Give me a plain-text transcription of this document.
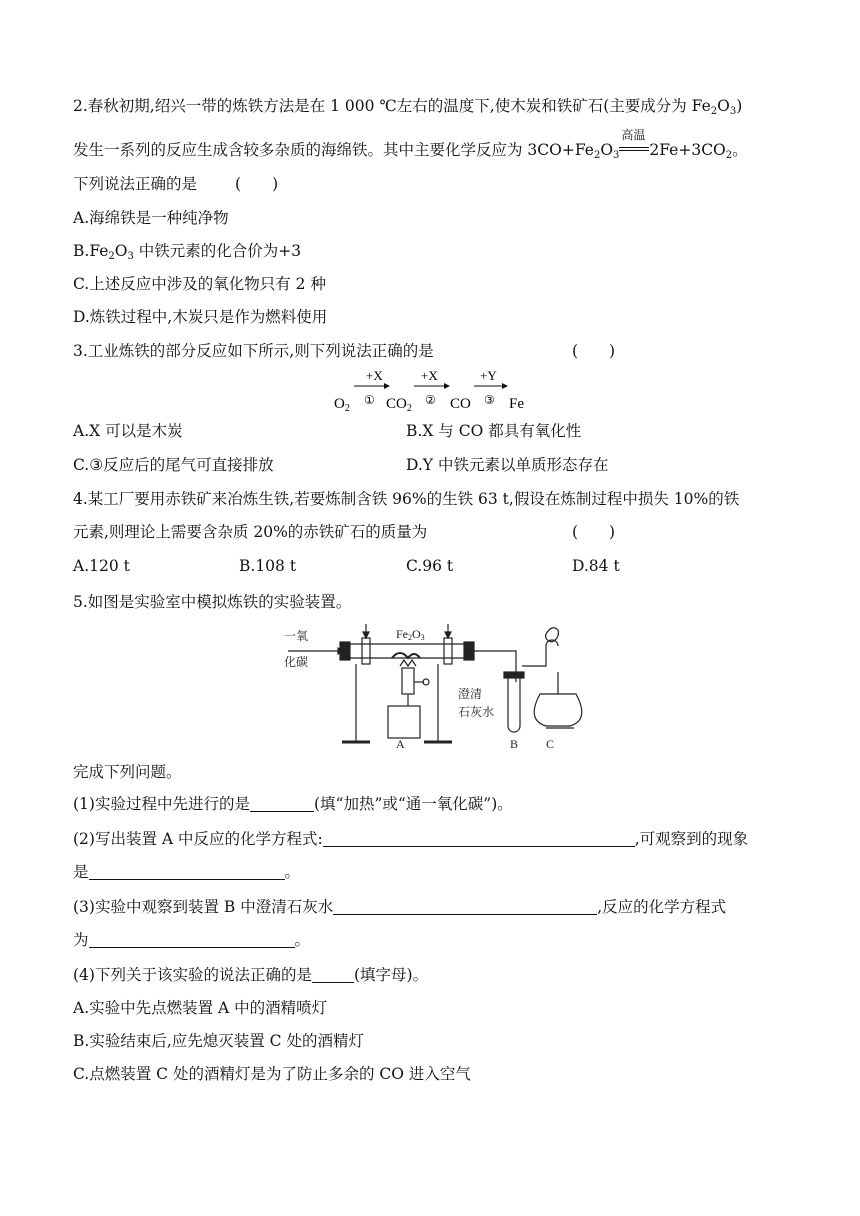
2.春秋初期,绍兴一带的炼铁方法是在 1 000 ℃左右的温度下,使木炭和铁矿石(主要成分为 $Fe_2O_3$)
发生一系列的反应生成含较多杂质的海绵铁。其中主要化学反应为 $3CO+Fe_2O_3$
高温
$2Fe+3CO_2$。
下列说法正确的是 (　　)
A.海绵铁是一种纯净物
$B.Fe_2O_3$ 中铁元素的化合价为+3
C.上述反应中涉及的氧化物只有 2 种
D.炼铁过程中,木炭只是作为燃料使用
3.工业炼铁的部分反应如下所示,则下列说法正确的是	(　　)
$O_2$
+X
① $CO_2$
+X
② CO
+Y
③ Fe
A.X 可以是木炭	B.X 与 CO 都具有氧化性
C.③反应后的尾气可直接排放	D.Y 中铁元素以单质形态存在
4.某工厂要用赤铁矿来冶炼生铁,若要炼制含铁 96%的生铁 63 t,假设在炼制过程中损失 10%的铁
元素,则理论上需要含杂质 20%的赤铁矿石的质量为	(　　)
A.120 t	B.108 t	C.96 t	D.84 t
5.如图是实验室中模拟炼铁的实验装置。
一氧
化碳
Fe2O3
澄清
石灰水
A	B C
完成下列问题。
(1)实验过程中先进行的是	(填“加热”或“通一氧化碳”)。
(2)写出装置 A 中反应的化学方程式:	,可观察到的现象
是	。
(3)实验中观察到装置 B 中澄清石灰水	,反应的化学方程式
为	。
(4)下列关于该实验的说法正确的是	(填字母)。
A.实验中先点燃装置 A 中的酒精喷灯
B.实验结束后,应先熄灭装置 C 处的酒精灯
C.点燃装置 C 处的酒精灯是为了防止多余的 CO 进入空气
